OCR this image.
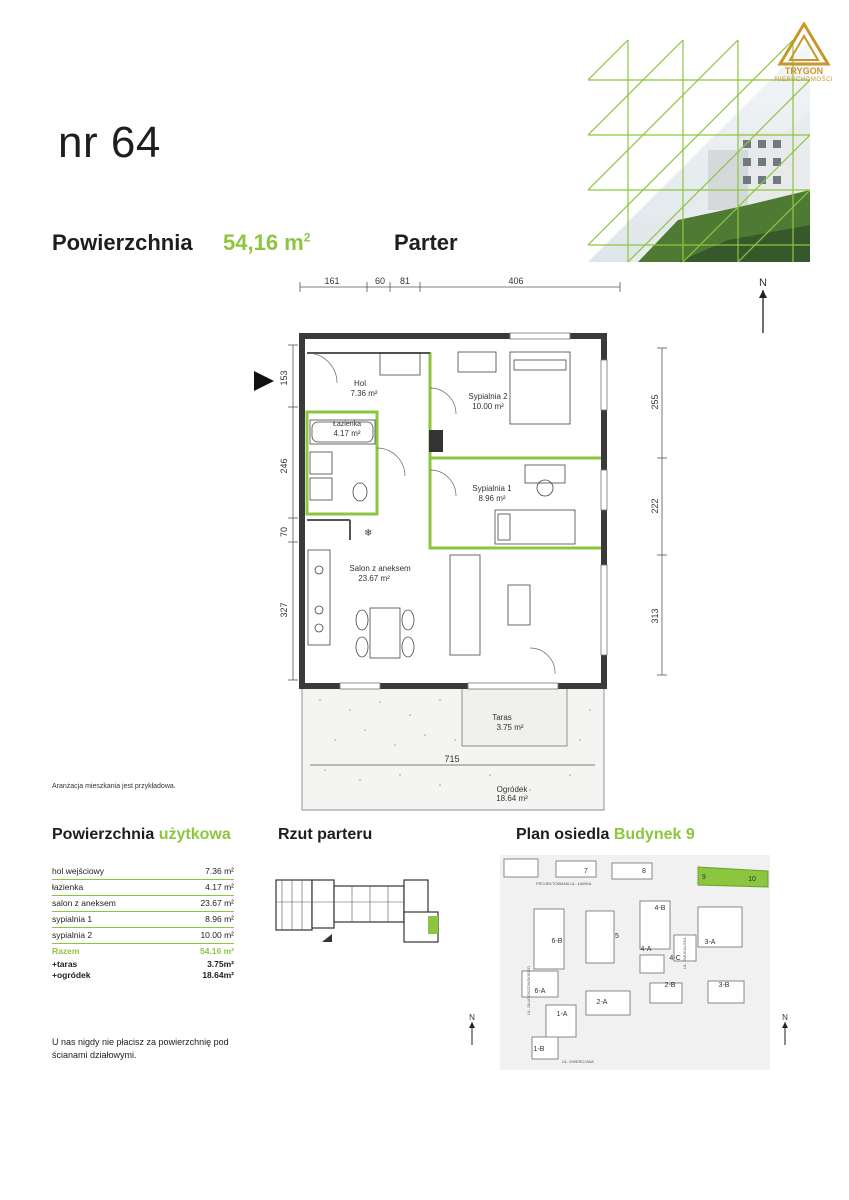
nr 64
Powierzchnia 54,16 $m^2$	Parter
TRYGON
NIERUCHOMOŚCI
161	60 81	406	N
153
246
70
327
255
222
313
Taras
3.75 m²
715
Ogródek
18.64 m²
❄
Hol
7.36 m²
Łazienka
4.17 m²
Sypialnia 2
10.00 m²
Sypialnia 1
8.96 m²
Salon z aneksem
23.67 m²
Aranżacja mieszkania jest przykładowa.
Powierzchnia użytkowa
hol wejściowy	7.36 m²
łazienka	4.17 m²
salon z aneksem	23.67 m²
sypialnia 1	8.96 m²
sypialnia 2	10.00 m²
Razem	54.16 m²
+taras	3.75m²
+ogródek	18.64m²
U nas nigdy nie płacisz za powierzchnię pod ścianami działowymi.
Rzut parteru	Plan osiedla Budynek 9
PROJEKTOWANA UL. ŁAWKA
UL. DŁUGOSZOWSKIEGO
UL. SMUKALSKA
UL. DWERCOWA
7	8
9	10
6-B
5
4-B
4-A
4-C
3-A
6-A
2-A
2-B	3-B
1-A
1-B
N	N
